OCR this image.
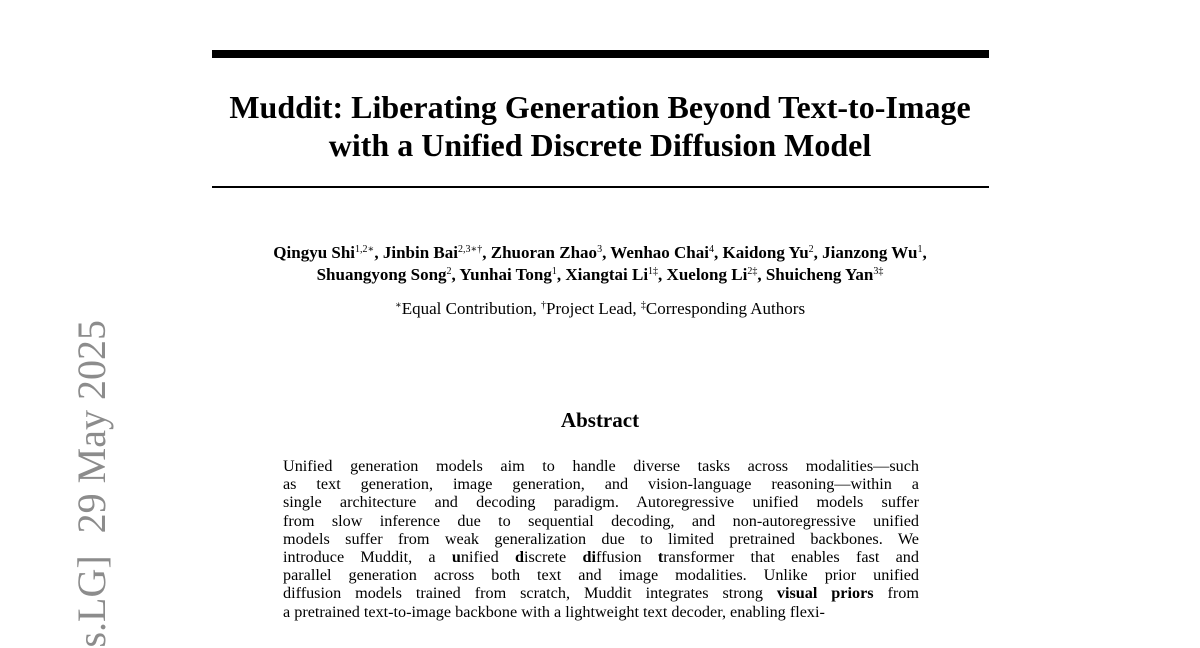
Muddit: Liberating Generation Beyond Text-to-Image
with a Unified Discrete Diffusion Model
Qingyu Shi$^{1,2∗}$, Jinbin Bai$^{2,3∗\dagger}$, Zhuoran Zhao$^3$, Wenhao Chai$^4$, Kaidong Yu$^2$, Jianzong Wu$^1$,
Shuangyong Song$^2$, Yunhai Tong$^1$, Xiangtai $Li^{1\ddagger}$, Xuelong $Li^{2\ddagger}$, Shuicheng Yan$^{3\ddagger}$
∗Equal Contribution, †Project Lead, ‡Corresponding Authors
Abstract
Unified generation models aim to handle diverse tasks across modalities—such
as text generation, image generation, and vision-language reasoning—within a
single architecture and decoding paradigm. Autoregressive unified models suffer
from slow inference due to sequential decoding, and non-autoregressive unified
models suffer from weak generalization due to limited pretrained backbones. We
introduce Muddit, a unified discrete diffusion transformer that enables fast and
parallel generation across both text and image modalities. Unlike prior unified
diffusion models trained from scratch, Muddit integrates strong visual priors from
a pretrained text-to-image backbone with a lightweight text decoder, enabling flexi-
s.LG]29 May 2025
